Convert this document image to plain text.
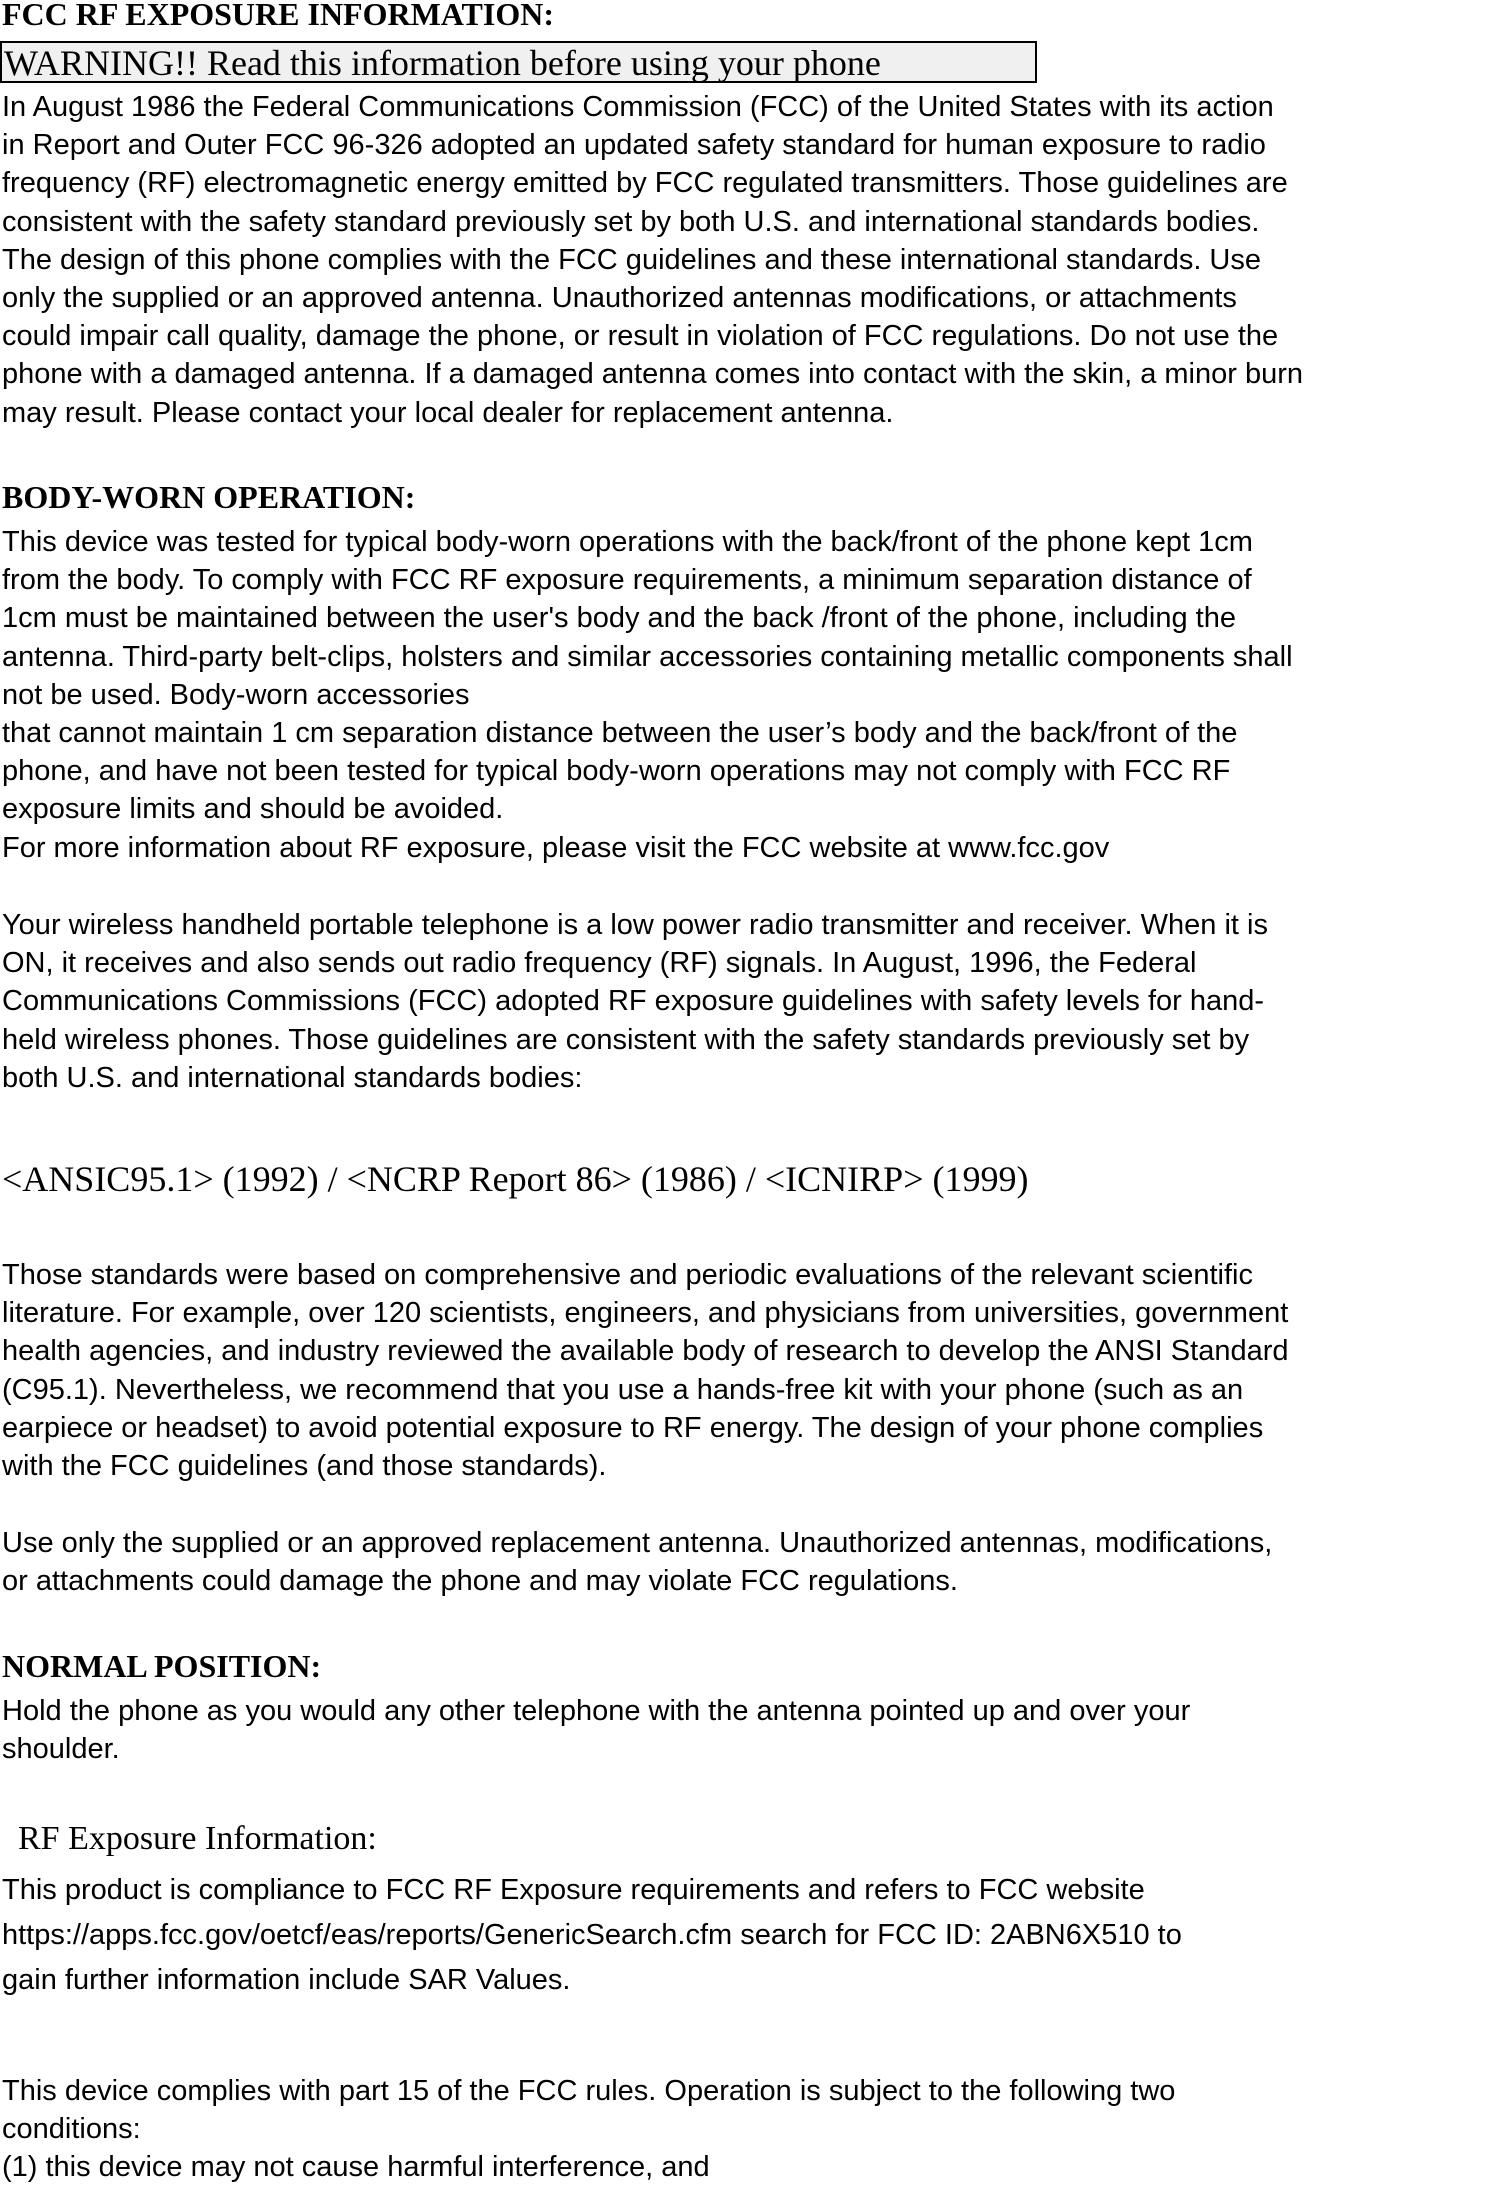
FCC RF EXPOSURE INFORMATION:
WARNING!! Read this information before using your phone
In August 1986 the Federal Communications Commission (FCC) of the United States with its action
in Report and Outer FCC 96-326 adopted an updated safety standard for human exposure to radio
frequency (RF) electromagnetic energy emitted by FCC regulated transmitters. Those guidelines are
consistent with the safety standard previously set by both U.S. and international standards bodies.
The design of this phone complies with the FCC guidelines and these international standards. Use
only the supplied or an approved antenna. Unauthorized antennas modifications, or attachments
could impair call quality, damage the phone, or result in violation of FCC regulations. Do not use the
phone with a damaged antenna. If a damaged antenna comes into contact with the skin, a minor burn
may result. Please contact your local dealer for replacement antenna.
BODY-WORN OPERATION:
This device was tested for typical body-worn operations with the back/front of the phone kept 1cm
from the body. To comply with FCC RF exposure requirements, a minimum separation distance of
1cm must be maintained between the user's body and the back /front of the phone, including the
antenna. Third-party belt-clips, holsters and similar accessories containing metallic components shall
not be used. Body-worn accessories
that cannot maintain 1 cm separation distance between the user’s body and the back/front of the
phone, and have not been tested for typical body-worn operations may not comply with FCC RF
exposure limits and should be avoided.
For more information about RF exposure, please visit the FCC website at www.fcc.gov
Your wireless handheld portable telephone is a low power radio transmitter and receiver. When it is
ON, it receives and also sends out radio frequency (RF) signals. In August, 1996, the Federal
Communications Commissions (FCC) adopted RF exposure guidelines with safety levels for hand-
held wireless phones. Those guidelines are consistent with the safety standards previously set by
both U.S. and international standards bodies:
<ANSIC95.1> (1992) / <NCRP Report 86> (1986) / <ICNIRP> (1999)
Those standards were based on comprehensive and periodic evaluations of the relevant scientific
literature. For example, over 120 scientists, engineers, and physicians from universities, government
health agencies, and industry reviewed the available body of research to develop the ANSI Standard
(C95.1). Nevertheless, we recommend that you use a hands-free kit with your phone (such as an
earpiece or headset) to avoid potential exposure to RF energy. The design of your phone complies
with the FCC guidelines (and those standards).
Use only the supplied or an approved replacement antenna. Unauthorized antennas, modifications,
or attachments could damage the phone and may violate FCC regulations.
NORMAL POSITION:
Hold the phone as you would any other telephone with the antenna pointed up and over your
shoulder.
RF Exposure Information:
This product is compliance to FCC RF Exposure requirements and refers to FCC website
https://apps.fcc.gov/oetcf/eas/reports/GenericSearch.cfm search for FCC ID: 2ABN6X510 to
gain further information include SAR Values.
This device complies with part 15 of the FCC rules. Operation is subject to the following two
conditions:
(1) this device may not cause harmful interference, and
